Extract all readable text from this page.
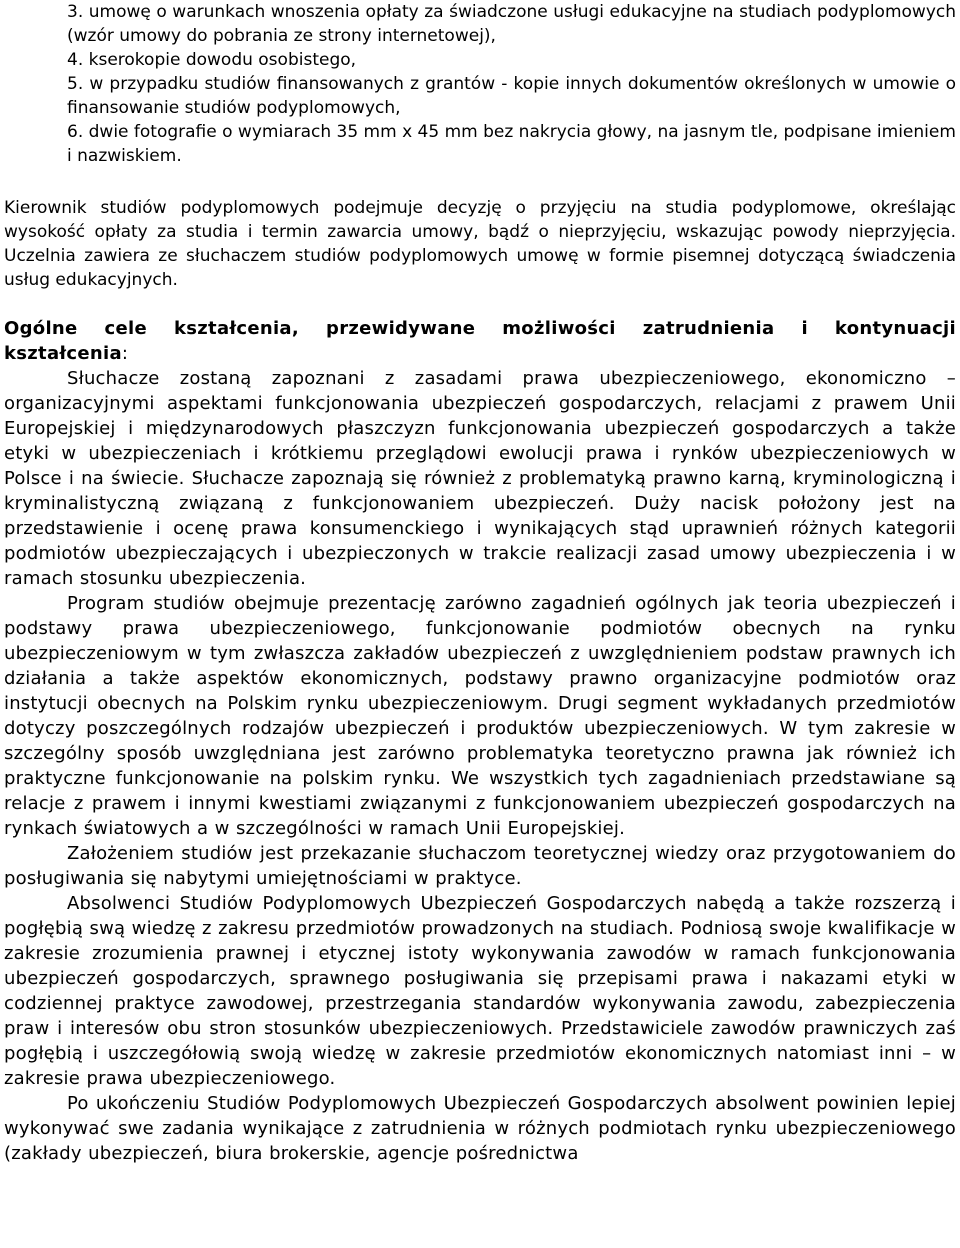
3. umowę o warunkach wnoszenia opłaty za świadczone usługi edukacyjne na studiach podyplomowych (wzór umowy do pobrania ze strony internetowej),

4. kserokopie dowodu osobistego,

5. w przypadku studiów finansowanych z grantów - kopie innych dokumentów określonych w umowie o finansowanie studiów podyplomowych,

6. dwie fotografie o wymiarach 35 mm x 45 mm bez nakrycia głowy, na jasnym tle, podpisane imieniem i nazwiskiem.

Kierownik studiów podyplomowych podejmuje decyzję o przyjęciu na studia podyplomowe, określając wysokość opłaty za studia i termin zawarcia umowy, bądź o nieprzyjęciu, wskazując powody nieprzyjęcia. Uczelnia zawiera ze słuchaczem studiów podyplomowych umowę w formie pisemnej dotyczącą świadczenia usług edukacyjnych.

Ogólne cele kształcenia, przewidywane możliwości zatrudnienia i kontynuacji kształcenia:

Słuchacze zostaną zapoznani z zasadami prawa ubezpieczeniowego, ekonomiczno – organizacyjnymi aspektami funkcjonowania ubezpieczeń gospodarczych, relacjami z prawem Unii Europejskiej i międzynarodowych płaszczyzn funkcjonowania ubezpieczeń gospodarczych a także etyki w ubezpieczeniach i krótkiemu przeglądowi ewolucji prawa i rynków ubezpieczeniowych w Polsce i na świecie. Słuchacze zapoznają się również z problematyką prawno karną, kryminologiczną i kryminalistyczną związaną z funkcjonowaniem ubezpieczeń. Duży nacisk położony jest na przedstawienie i ocenę prawa konsumenckiego i wynikających stąd uprawnień różnych kategorii podmiotów ubezpieczających i ubezpieczonych w trakcie realizacji zasad umowy ubezpieczenia i w ramach stosunku ubezpieczenia.

Program studiów obejmuje prezentację zarówno zagadnień ogólnych jak teoria ubezpieczeń i podstawy prawa ubezpieczeniowego, funkcjonowanie podmiotów obecnych na rynku ubezpieczeniowym w tym zwłaszcza zakładów ubezpieczeń z uwzględnieniem podstaw prawnych ich działania a także aspektów ekonomicznych, podstawy prawno organizacyjne podmiotów oraz instytucji obecnych na Polskim rynku ubezpieczeniowym. Drugi segment wykładanych przedmiotów dotyczy poszczególnych rodzajów ubezpieczeń i produktów ubezpieczeniowych. W tym zakresie w szczególny sposób uwzględniana jest zarówno problematyka teoretyczno prawna jak również ich praktyczne funkcjonowanie na polskim rynku. We wszystkich tych zagadnieniach przedstawiane są relacje z prawem i innymi kwestiami związanymi z funkcjonowaniem ubezpieczeń gospodarczych na rynkach światowych a w szczególności w ramach Unii Europejskiej.

Założeniem studiów jest przekazanie słuchaczom teoretycznej wiedzy oraz przygotowaniem do posługiwania się nabytymi umiejętnościami w praktyce.

Absolwenci Studiów Podyplomowych Ubezpieczeń Gospodarczych nabędą a także rozszerzą i pogłębią swą wiedzę z zakresu przedmiotów prowadzonych na studiach. Podniosą swoje kwalifikacje w zakresie zrozumienia prawnej i etycznej istoty wykonywania zawodów w ramach funkcjonowania ubezpieczeń gospodarczych, sprawnego posługiwania się przepisami prawa i nakazami etyki w codziennej praktyce zawodowej, przestrzegania standardów wykonywania zawodu, zabezpieczenia praw i interesów obu stron stosunków ubezpieczeniowych. Przedstawiciele zawodów prawniczych zaś pogłębią i uszczegółowią swoją wiedzę w zakresie przedmiotów ekonomicznych natomiast inni – w zakresie prawa ubezpieczeniowego.

Po ukończeniu Studiów Podyplomowych Ubezpieczeń Gospodarczych absolwent powinien lepiej wykonywać swe zadania wynikające z zatrudnienia w różnych podmiotach rynku ubezpieczeniowego (zakłady ubezpieczeń, biura brokerskie, agencje pośrednictwa
